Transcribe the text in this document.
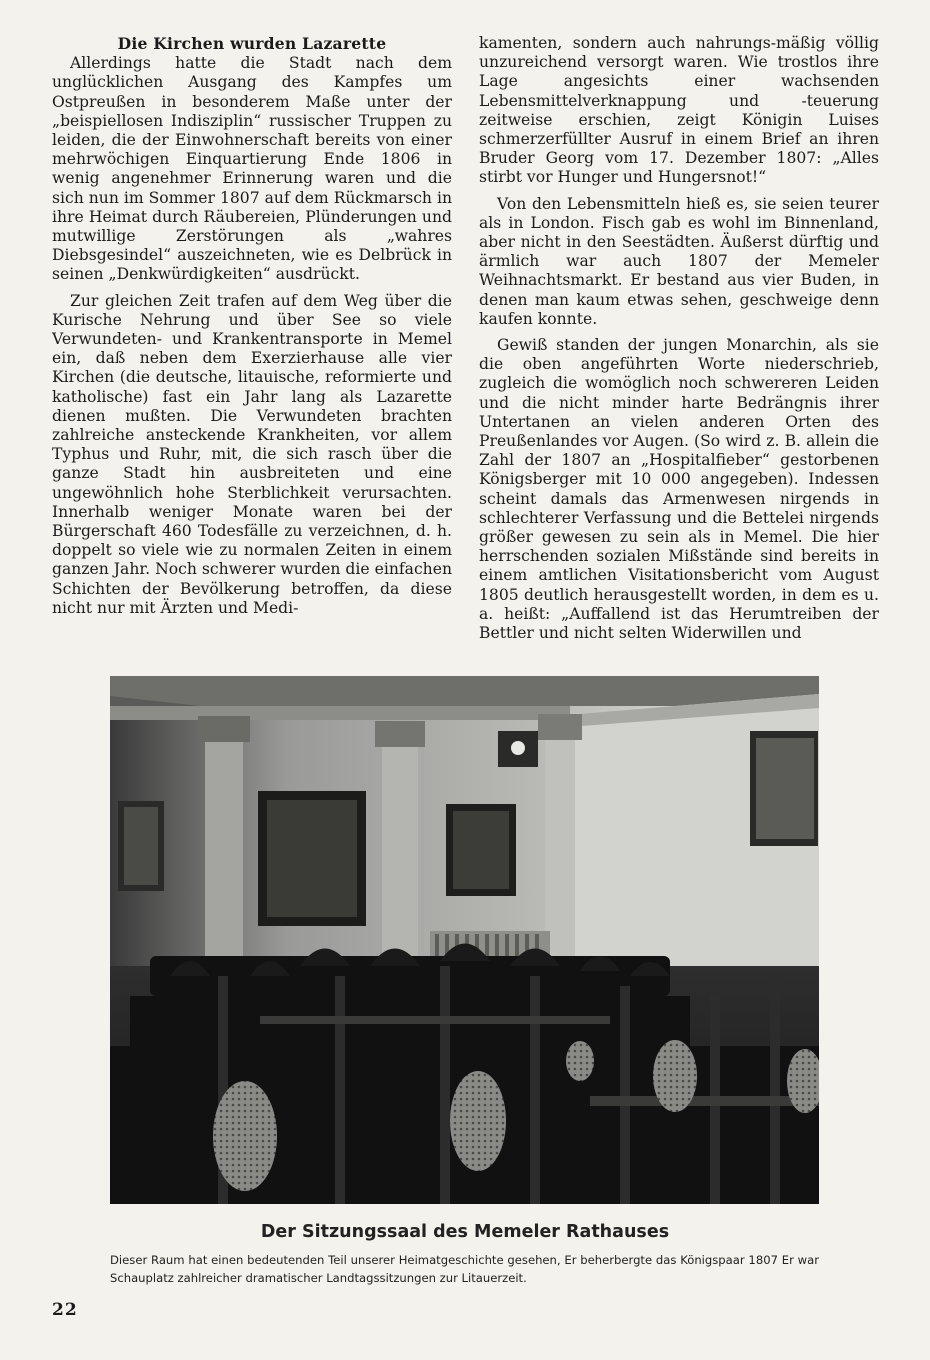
Die Kirchen wurden Lazarette

Allerdings hatte die Stadt nach dem unglücklichen Ausgang des Kampfes um Ostpreußen in besonderem Maße unter der „beispiellosen Indisziplin“ russischer Truppen zu leiden, die der Einwohnerschaft bereits von einer mehrwöchigen Einquartierung Ende 1806 in wenig angenehmer Erinnerung waren und die sich nun im Sommer 1807 auf dem Rückmarsch in ihre Heimat durch Räubereien, Plünderungen und mutwillige Zerstörungen als „wahres Diebsgesindel“ auszeichneten, wie es Delbrück in seinen „Denkwürdigkeiten“ ausdrückt.

Zur gleichen Zeit trafen auf dem Weg über die Kurische Nehrung und über See so viele Verwundeten- und Krankentransporte in Memel ein, daß neben dem Exerzierhause alle vier Kirchen (die deutsche, litauische, reformierte und katholische) fast ein Jahr lang als Lazarette dienen mußten. Die Verwundeten brachten zahlreiche ansteckende Krankheiten, vor allem Typhus und Ruhr, mit, die sich rasch über die ganze Stadt hin ausbreiteten und eine ungewöhnlich hohe Sterblichkeit verursachten. Innerhalb weniger Monate waren bei der Bürgerschaft 460 Todesfälle zu verzeichnen, d. h. doppelt so viele wie zu normalen Zeiten in einem ganzen Jahr. Noch schwerer wurden die einfachen Schichten der Bevölkerung betroffen, da diese nicht nur mit Ärzten und Medi-

kamenten, sondern auch nahrungs-mäßig völlig unzureichend versorgt waren. Wie trostlos ihre Lage angesichts einer wachsenden Lebensmittelverknappung und -teuerung zeitweise erschien, zeigt Königin Luises schmerzerfüllter Ausruf in einem Brief an ihren Bruder Georg vom 17. Dezember 1807: „Alles stirbt vor Hunger und Hungersnot!“

Von den Lebensmitteln hieß es, sie seien teurer als in London. Fisch gab es wohl im Binnenland, aber nicht in den Seestädten. Äußerst dürftig und ärmlich war auch 1807 der Memeler Weihnachtsmarkt. Er bestand aus vier Buden, in denen man kaum etwas sehen, geschweige denn kaufen konnte.

Gewiß standen der jungen Monarchin, als sie die oben angeführten Worte niederschrieb, zugleich die womöglich noch schwereren Leiden und die nicht minder harte Bedrängnis ihrer Untertanen an vielen anderen Orten des Preußenlandes vor Augen. (So wird z. B. allein die Zahl der 1807 an „Hospitalfieber“ gestorbenen Königsberger mit 10 000 angegeben). Indessen scheint damals das Armenwesen nirgends in schlechterer Verfassung und die Bettelei nirgends größer gewesen zu sein als in Memel. Die hier herrschenden sozialen Mißstände sind bereits in einem amtlichen Visitationsbericht vom August 1805 deutlich herausgestellt worden, in dem es u. a. heißt: „Auffallend ist das Herumtreiben der Bettler und nicht selten Widerwillen und

Der Sitzungssaal des Memeler Rathauses
Dieser Raum hat einen bedeutenden Teil unserer Heimatgeschichte gesehen, Er beherbergte das Königspaar 1807 Er war Schauplatz zahlreicher dramatischer Landtagssitzungen zur Litauerzeit.
22
